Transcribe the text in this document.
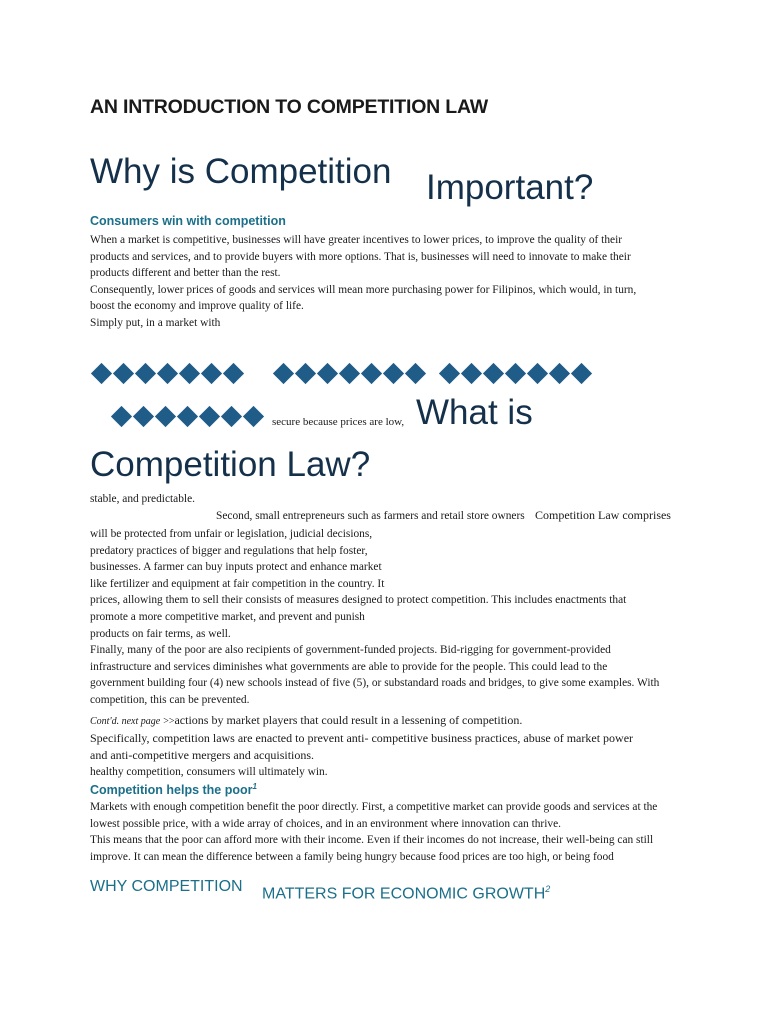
AN INTRODUCTION TO COMPETITION LAW
Why is Competition Important?
Consumers win with competition
When a market is competitive, businesses will have greater incentives to lower prices, to improve the quality of their
products and services, and to provide buyers with more options. That is, businesses will need to innovate to make their
products different and better than the rest.
Consequently, lower prices of goods and services will mean more purchasing power for Filipinos, which would, in turn,
boost the economy and improve quality of life.
Simply put, in a market with
secure because prices are low, What is
Competition Law?
stable, and predictable.
Second, small entrepreneurs such as farmers and retail store owners Competition Law comprises
will be protected from unfair or legislation, judicial decisions,
predatory practices of bigger and regulations that help foster,
businesses. A farmer can buy inputs protect and enhance market
like fertilizer and equipment at fair competition in the country. It
prices, allowing them to sell their consists of measures designed to protect competition. This includes enactments that
promote a more competitive market, and prevent and punish
products on fair terms, as well.
Finally, many of the poor are also recipients of government-funded projects. Bid-rigging for government-provided
infrastructure and services diminishes what governments are able to provide for the people. This could lead to the
government building four (4) new schools instead of five (5), or substandard roads and bridges, to give some examples. With
competition, this can be prevented.
Cont'd. next page >>actions by market players that could result in a lessening of competition.
Specifically, competition laws are enacted to prevent anti- competitive business practices, abuse of market power
and anti-competitive mergers and acquisitions.
healthy competition, consumers will ultimately win.
Competition helps the poor$^1$
Markets with enough competition benefit the poor directly. First, a competitive market can provide goods and services at the
lowest possible price, with a wide array of choices, and in an environment where innovation can thrive.
This means that the poor can afford more with their income. Even if their incomes do not increase, their well-being can still
improve. It can mean the difference between a family being hungry because food prices are too high, or being food
WHY COMPETITION MATTERS FOR ECONOMIC GROWTH$^2$
